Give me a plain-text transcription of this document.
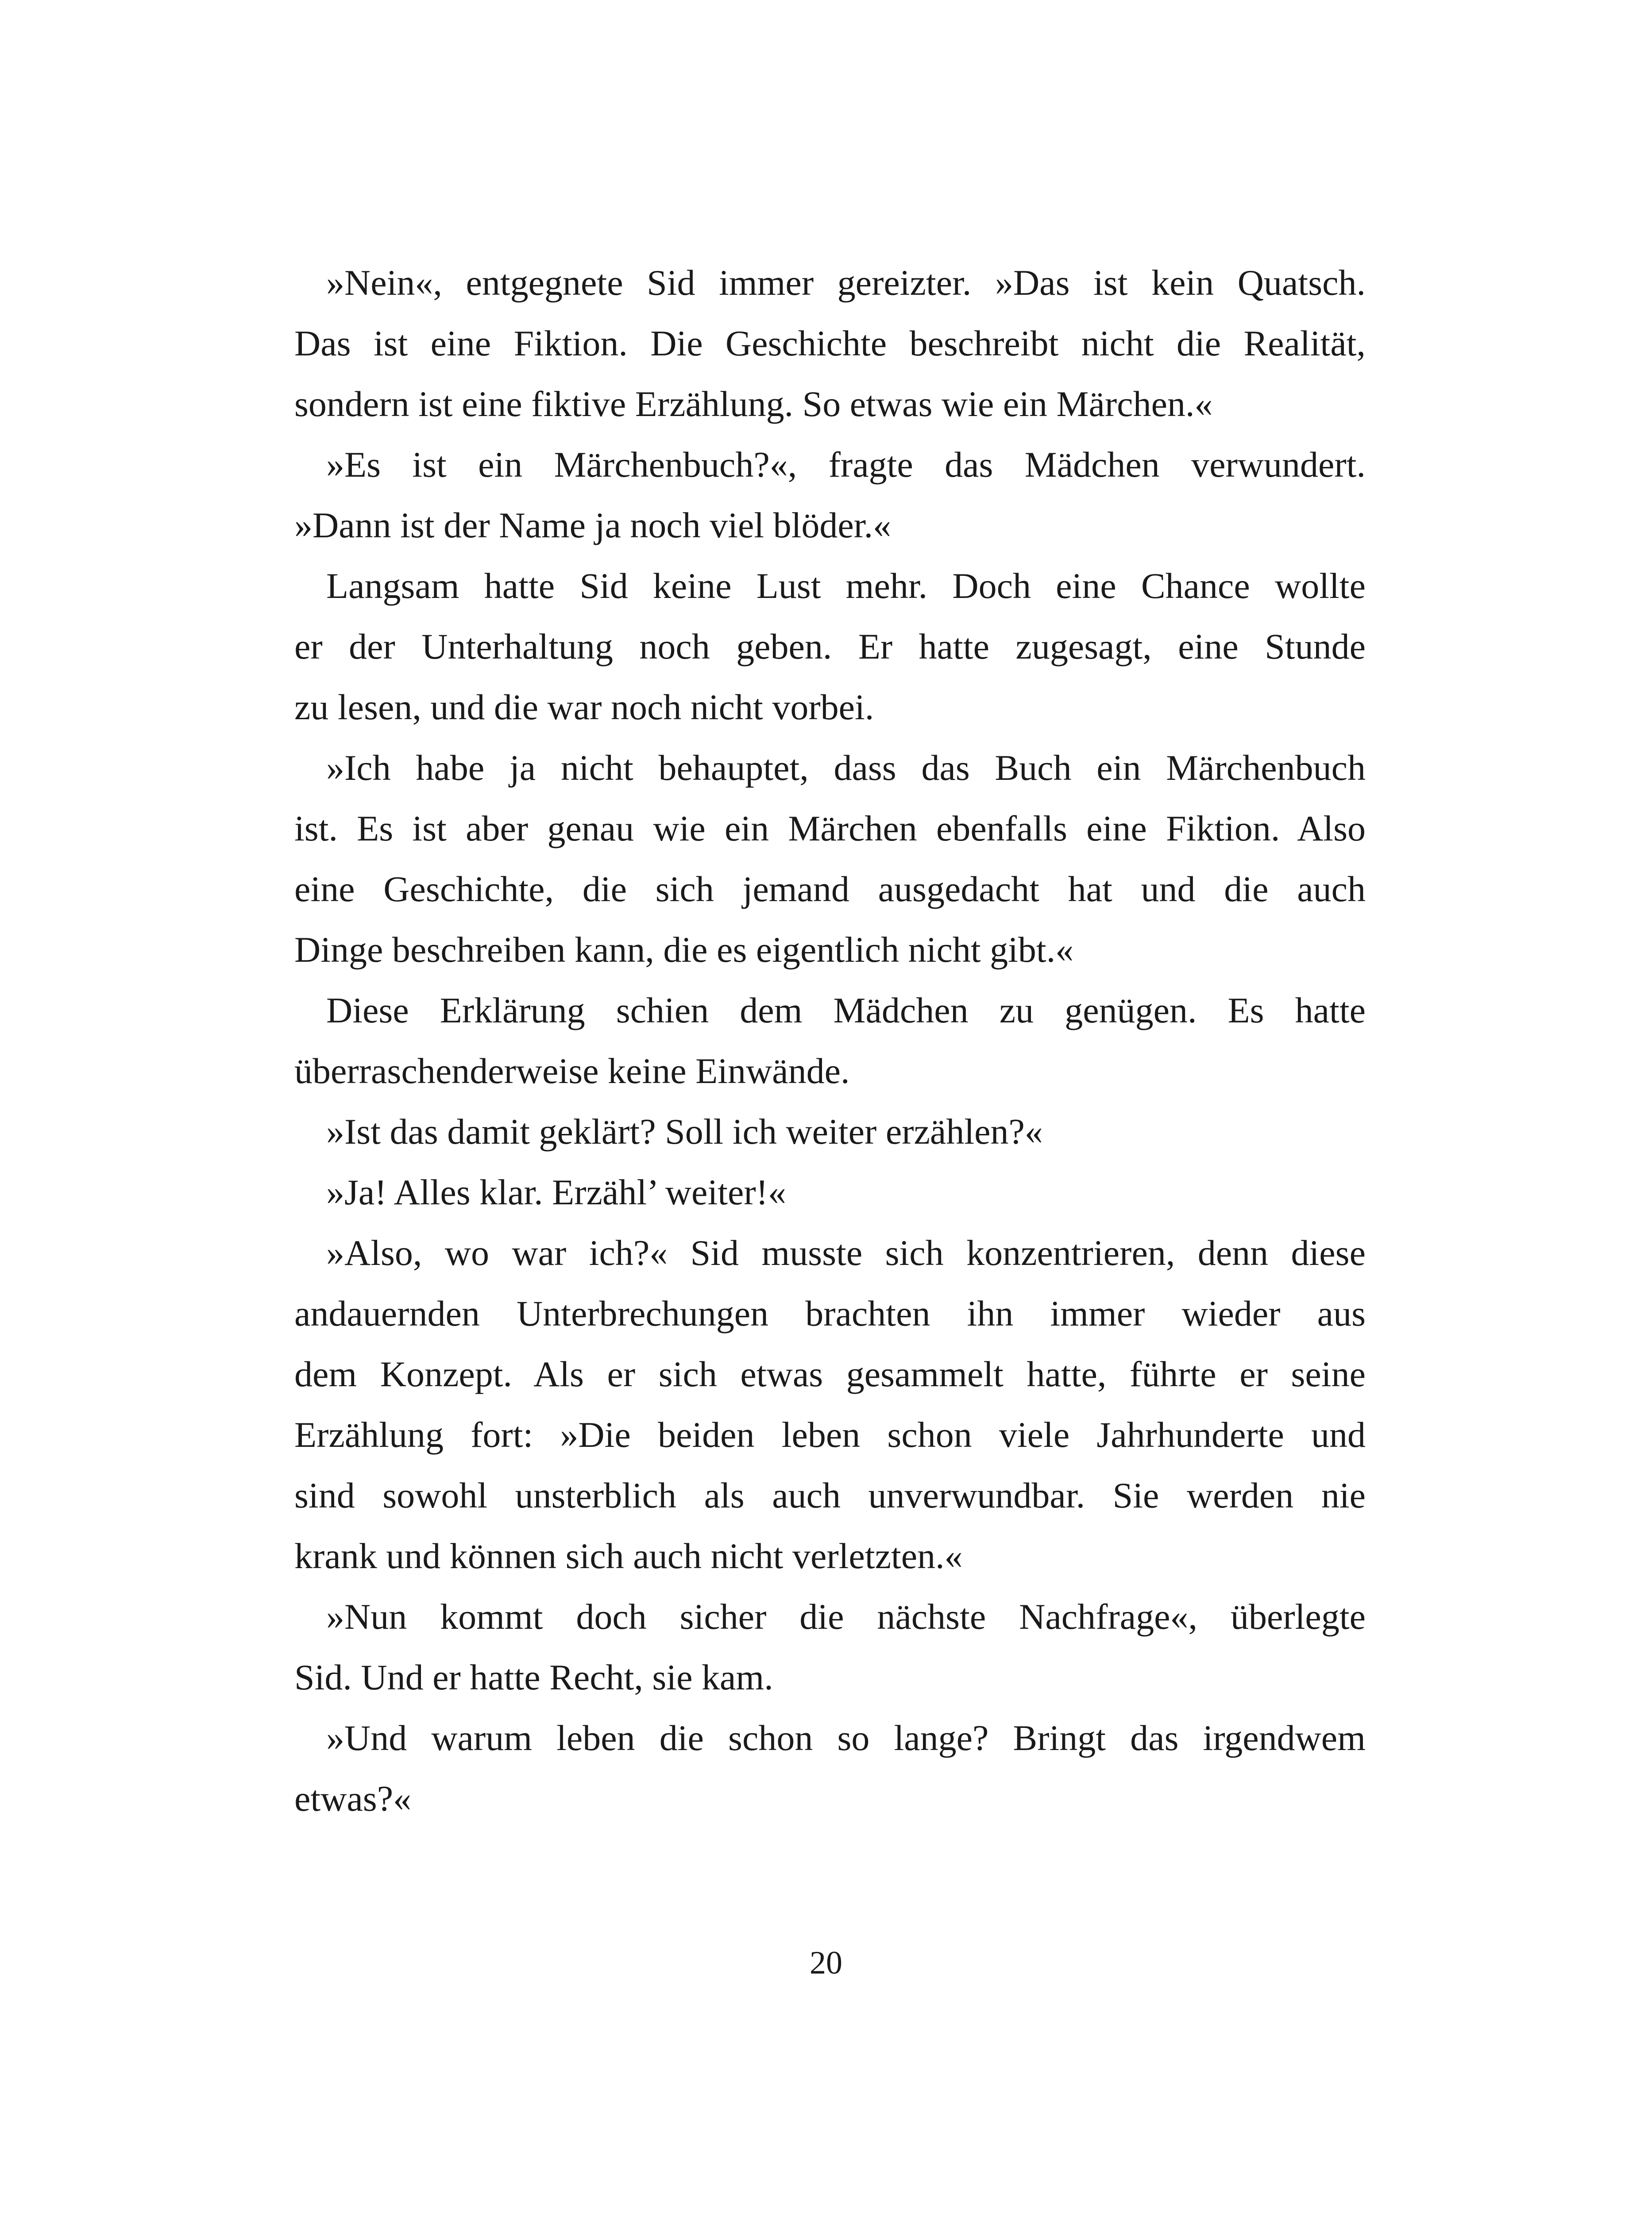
»Nein«, entgegnete Sid immer gereizter. »Das ist kein Quatsch.
Das ist eine Fiktion. Die Geschichte beschreibt nicht die Realität,
sondern ist eine fiktive Erzählung. So etwas wie ein Märchen.«
»Es ist ein Märchenbuch?«, fragte das Mädchen verwundert.
»Dann ist der Name ja noch viel blöder.«
Langsam hatte Sid keine Lust mehr. Doch eine Chance wollte
er der Unterhaltung noch geben. Er hatte zugesagt, eine Stunde
zu lesen, und die war noch nicht vorbei.
»Ich habe ja nicht behauptet, dass das Buch ein Märchenbuch
ist. Es ist aber genau wie ein Märchen ebenfalls eine Fiktion. Also
eine Geschichte, die sich jemand ausgedacht hat und die auch
Dinge beschreiben kann, die es eigentlich nicht gibt.«
Diese Erklärung schien dem Mädchen zu genügen. Es hatte
überraschenderweise keine Einwände.
»Ist das damit geklärt? Soll ich weiter erzählen?«
»Ja! Alles klar. Erzähl’ weiter!«
»Also, wo war ich?« Sid musste sich konzentrieren, denn diese
andauernden Unterbrechungen brachten ihn immer wieder aus
dem Konzept. Als er sich etwas gesammelt hatte, führte er seine
Erzählung fort: »Die beiden leben schon viele Jahrhunderte und
sind sowohl unsterblich als auch unverwundbar. Sie werden nie
krank und können sich auch nicht verletzten.«
»Nun kommt doch sicher die nächste Nachfrage«, überlegte
Sid. Und er hatte Recht, sie kam.
»Und warum leben die schon so lange? Bringt das irgendwem
etwas?«
20
